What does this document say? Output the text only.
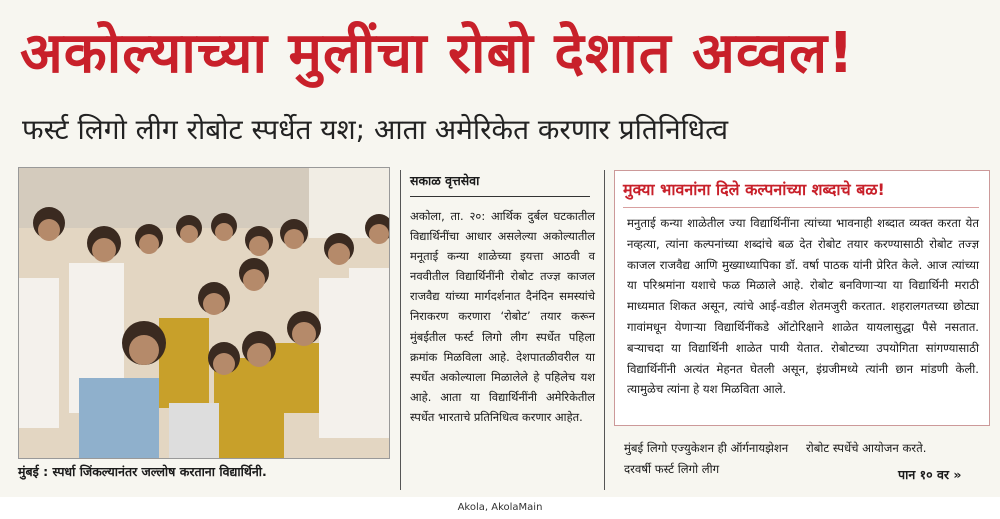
अकोल्याच्या मुलींचा रोबो देशात अव्वल!
फर्स्ट लिगो लीग रोबोट स्पर्धेत यश; आता अमेरिकेत करणार प्रतिनिधित्व
मुंबई : स्पर्धा जिंकल्यानंतर जल्लोष करताना विद्यार्थिनी.
सकाळ वृत्तसेवा

अकोला, ता. २०: आर्थिक दुर्बल घटकातील विद्यार्थिनींचा आधार असलेल्या अकोल्यातील मनूताई कन्या शाळेच्या इयत्ता आठवी व नववीतील विद्यार्थिनींनी रोबोट तज्ज्ञ काजल राजवैद्य यांच्या मार्गदर्शनात दैनंदिन समस्यांचे निराकरण करणारा ‘रोबोट’ तयार करून मुंबईतील फर्स्ट लिगो लीग स्पर्धेत पहिला क्रमांक मिळविला आहे. देशपातळीवरील या स्पर्धेत अकोल्याला मिळालेले हे पहिलेच यश आहे. आता या विद्यार्थिनींनी अमेरिकेतील स्पर्धेत भारताचे प्रतिनिधित्व करणार आहेत.

मुक्या भावनांना दिले कल्पनांच्या शब्दाचे बळ!
मनुताई कन्या शाळेतील ज्या विद्यार्थिनींना त्यांच्या भावनाही शब्दात व्यक्त करता येत नव्हत्या, त्यांना कल्पनांच्या शब्दांचे बळ देत रोबोट तयार करण्यासाठी रोबोट तज्ज्ञ काजल राजवैद्य आणि मुख्याध्यापिका डॉ. वर्षा पाठक यांनी प्रेरित केले. आज त्यांच्या या परिश्रमांना यशाचे फळ मिळाले आहे. रोबोट बनविणाऱ्या या विद्यार्थिनी मराठी माध्यमात शिकत असून, त्यांचे आई-वडील शेतमजुरी करतात. शहरालगतच्या छोट्या गावांमधून येणाऱ्या विद्यार्थिनींकडे ऑटोरिक्षाने शाळेत यायलासुद्धा पैसे नसतात. बऱ्याचदा या विद्यार्थिनी शाळेत पायी येतात. रोबोटच्या उपयोगिता सांगण्यासाठी विद्यार्थिनींनी अत्यंत मेहनत घेतली असून, इंग्रजीमध्ये त्यांनी छान मांडणी केली. त्यामुळेच त्यांना हे यश मिळविता आले.
मुंबई लिगो एज्युकेशन ही ऑर्गनायझेशन दरवर्षी फर्स्ट लिगो लीग
रोबोट स्पर्धेचे आयोजन करते.
पान १० वर »
Akola, AkolaMain
